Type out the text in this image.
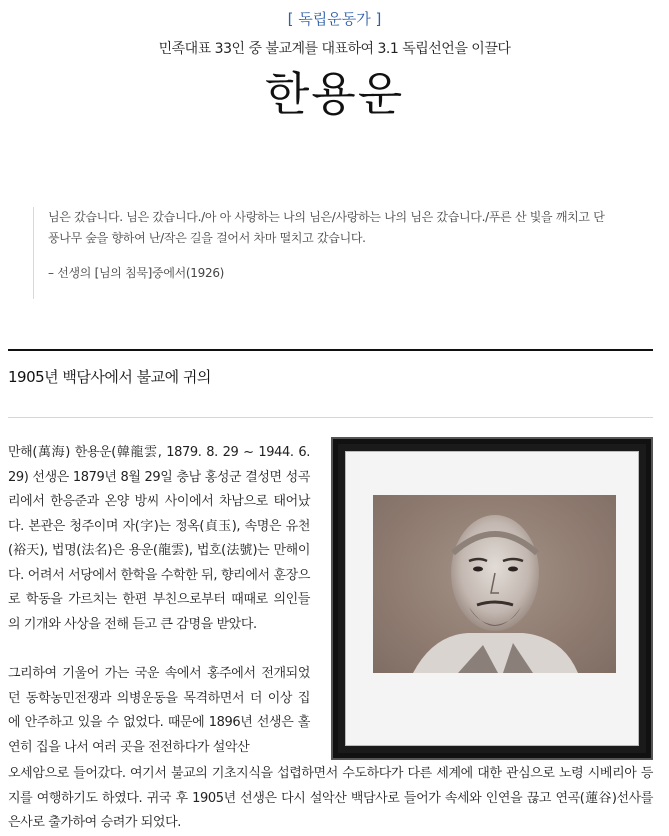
[ 독립운동가 ]
민족대표 33인 중 불교계를 대표하여 3.1 독립선언을 이끌다
한용운
님은 갔습니다. 님은 갔습니다./아 아 사랑하는 나의 님은/사랑하는 나의 님은 갔습니다./푸른 산 빛을 깨치고 단
풍나무 숲을 향하여 난/작은 길을 걸어서 차마 떨치고 갔습니다.
– 선생의 [님의 침묵]중에서(1926)
1905년 백담사에서 불교에 귀의
만해(萬海) 한용운(韓龍雲, 1879. 8. 29 ~ 1944. 6. 29) 선생은 1879년 8월 29일 충남 홍성군 결성면 성곡리에서 한응준과 온양 방씨 사이에서 차남으로 태어났다. 본관은 청주이며 자(字)는 정옥(貞玉), 속명은 유천(裕天), 법명(法名)은 용운(龍雲), 법호(法號)는 만해이다. 어려서 서당에서 한학을 수학한 뒤, 향리에서 훈장으로 학동을 가르치는 한편 부친으로부터 때때로 의인들의 기개와 사상을 전해 듣고 큰 감명을 받았다.
그리하여 기울어 가는 국운 속에서 홍주에서 전개되었던 동학농민전쟁과 의병운동을 목격하면서 더 이상 집에 안주하고 있을 수 없었다. 때문에 1896년 선생은 홀연히 집을 나서 여러 곳을 전전하다가 설악산
오세암으로 들어갔다. 여기서 불교의 기초지식을 섭렵하면서 수도하다가 다른 세계에 대한 관심으로 노령 시베리아 등지를 여행하기도 하였다. 귀국 후 1905년 선생은 다시 설악산 백담사로 들어가 속세와 인연을 끊고 연곡(蓮谷)선사를 은사로 출가하여 승려가 되었다.
